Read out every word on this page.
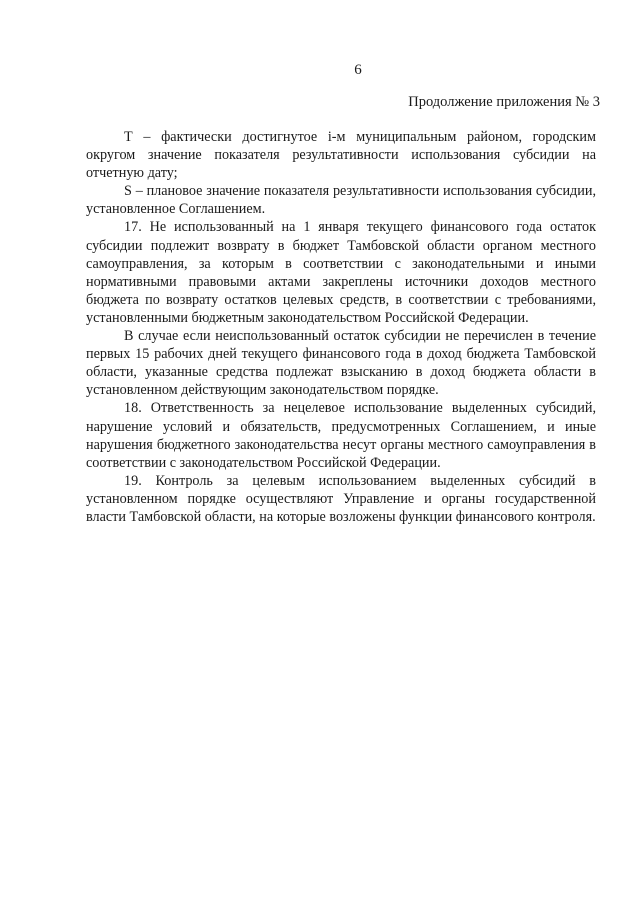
6
Продолжение приложения № 3

Т – фактически достигнутое i-м муниципальным районом, городским округом значение показателя результативности использования субсидии на отчетную дату;

S – плановое значение показателя результативности использования субсидии, установленное Соглашением.

17. Не использованный на 1 января текущего финансового года остаток субсидии подлежит возврату в бюджет Тамбовской области органом местного самоуправления, за которым в соответствии с законодательными и иными нормативными правовыми актами закреплены источники доходов местного бюджета по возврату остатков целевых средств, в соответствии с требованиями, установленными бюджетным законодательством Российской Федерации.

В случае если неиспользованный остаток субсидии не перечислен в течение первых 15 рабочих дней текущего финансового года в доход бюджета Тамбовской области, указанные средства подлежат взысканию в доход бюджета области в установленном действующим законодательством порядке.

18. Ответственность за нецелевое использование выделенных субсидий, нарушение условий и обязательств, предусмотренных Соглашением, и иные нарушения бюджетного законодательства несут органы местного самоуправления в соответствии с законодательством Российской Федерации.

19. Контроль за целевым использованием выделенных субсидий в установленном порядке осуществляют Управление и органы государственной власти Тамбовской области, на которые возложены функции финансового контроля.
